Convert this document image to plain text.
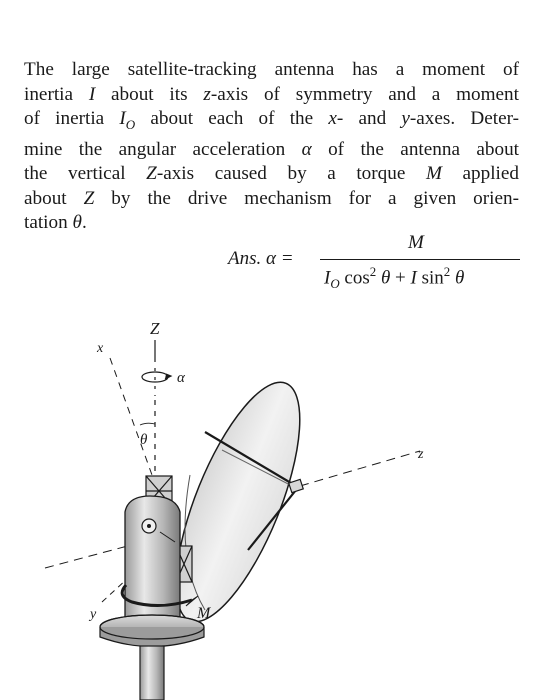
The large satellite-tracking antenna has a moment of
inertia I about its z-axis of symmetry and a moment
of inertia $I_O$ about each of the x- and y-axes. Deter-
mine the angular acceleration α of the antenna about
the vertical Z-axis caused by a torque M applied
about Z by the drive mechanism for a given orien-
tation θ.
Ans. α =
M
$I_O$ $\cos^2 \theta + I$ $\sin^2 \theta$
Z
x
α
θ
z
y	M
